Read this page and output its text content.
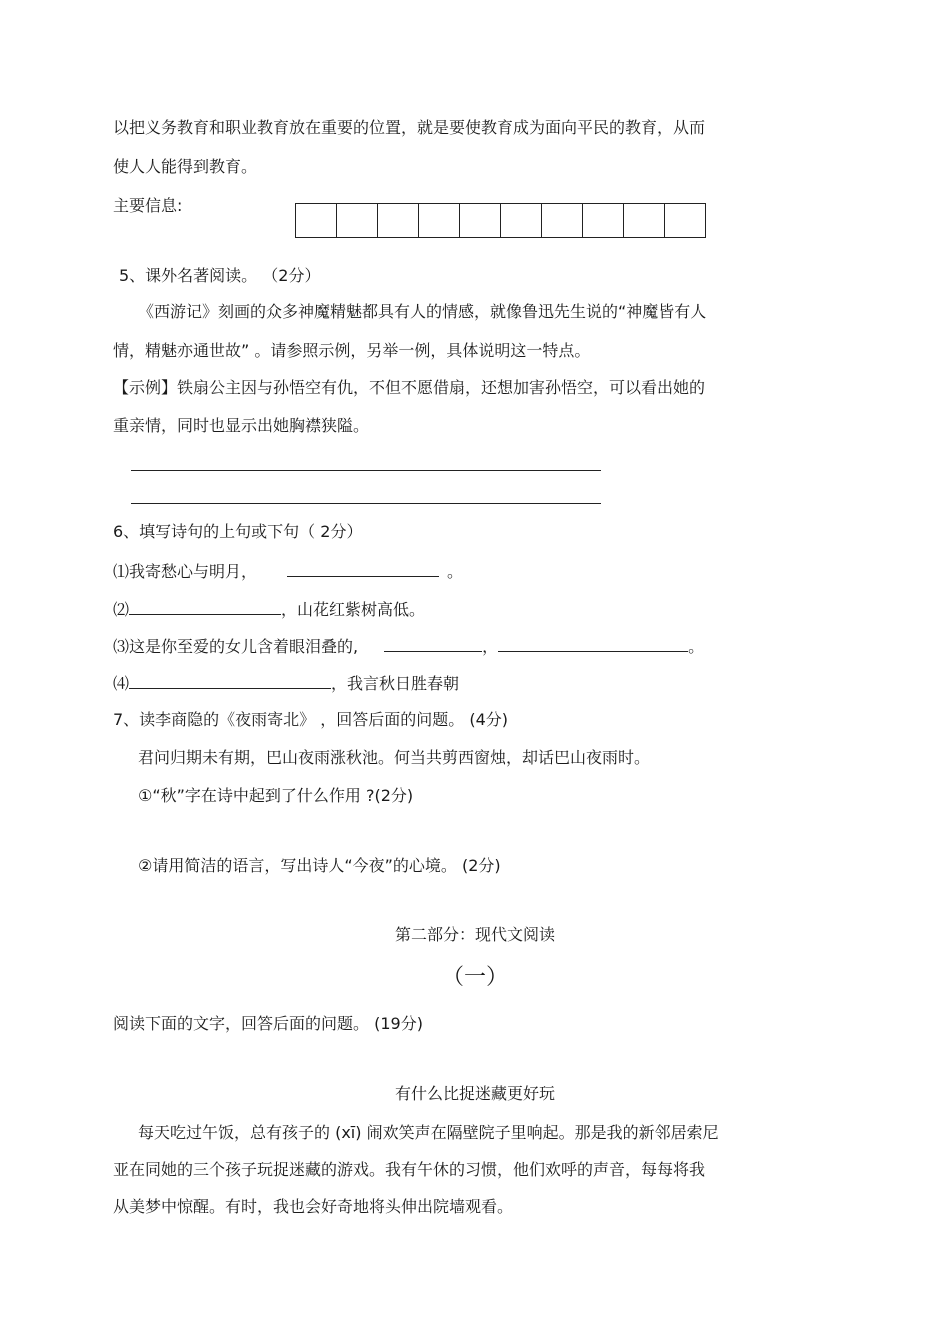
以把义务教育和职业教育放在重要的位置，就是要使教育成为面向平民的教育，从而
使人人能得到教育。
主要信息:
5、课外名著阅读。 （2分）
《西游记》刻画的众多神魔精魅都具有人的情感，就像鲁迅先生说的“神魔皆有人
情，精魅亦通世故” 。请参照示例，另举一例，具体说明这一特点。
【示例】铁扇公主因与孙悟空有仇，不但不愿借扇，还想加害孙悟空，可以看出她的
重亲情，同时也显示出她胸襟狭隘。
6、填写诗句的上句或下句（ 2分）
⑴我寄愁心与明月，	。
⑵	，山花红紫树高低。
⑶这是你至爱的女儿含着眼泪叠的,	，	。
⑷	，我言秋日胜春朝
7、读李商隐的《夜雨寄北》 ，回答后面的问题。 (4分)
君问归期未有期，巴山夜雨涨秋池。何当共剪西窗烛，却话巴山夜雨时。
①“秋”字在诗中起到了什么作用 ?(2分)
②请用简洁的语言，写出诗人“今夜”的心境。 (2分)
第二部分：现代文阅读
（一）
阅读下面的文字，回答后面的问题。 (19分)
有什么比捉迷藏更好玩
每天吃过午饭，总有孩子的 (xī) 闹欢笑声在隔壁院子里响起。那是我的新邻居索尼
亚在同她的三个孩子玩捉迷藏的游戏。我有午休的习惯，他们欢呼的声音，每每将我
从美梦中惊醒。有时，我也会好奇地将头伸出院墙观看。
